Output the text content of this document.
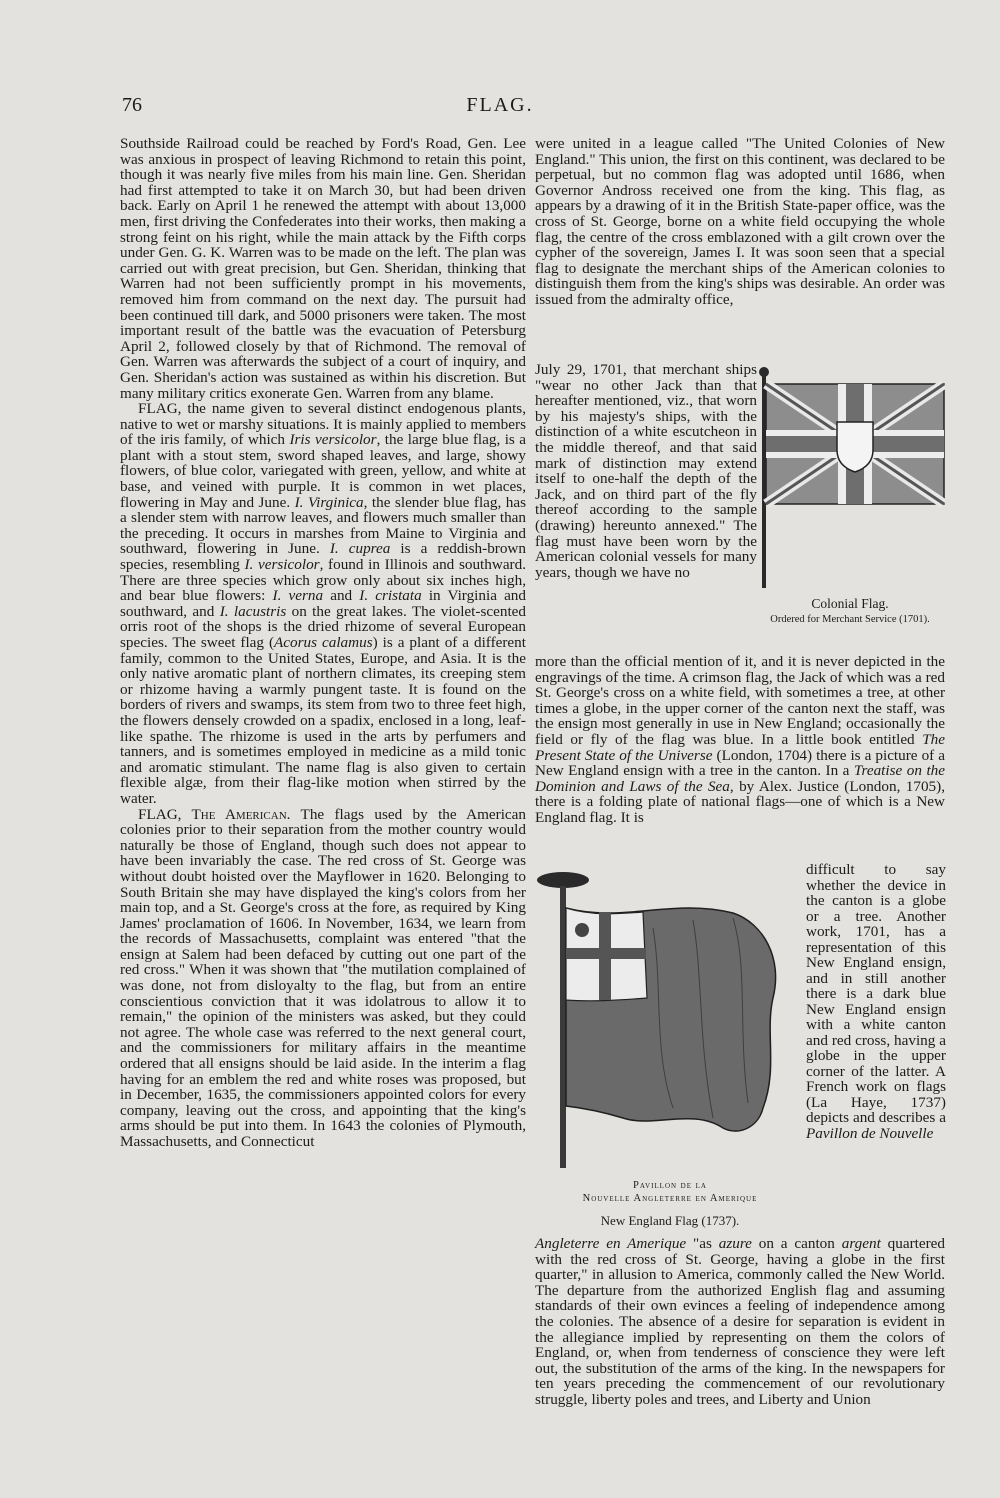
76	FLAG.

Southside Railroad could be reached by Ford's Road, Gen. Lee was anxious in prospect of leaving Richmond to retain this point, though it was nearly five miles from his main line. Gen. Sheridan had first attempted to take it on March 30, but had been driven back. Early on April 1 he renewed the attempt with about 13,000 men, first driving the Confederates into their works, then making a strong feint on his right, while the main attack by the Fifth corps under Gen. G. K. Warren was to be made on the left. The plan was carried out with great precision, but Gen. Sheridan, thinking that Warren had not been sufficiently prompt in his movements, removed him from command on the next day. The pursuit had been continued till dark, and 5000 prisoners were taken. The most important result of the battle was the evacuation of Petersburg April 2, followed closely by that of Richmond. The removal of Gen. Warren was afterwards the subject of a court of inquiry, and Gen. Sheridan's action was sustained as within his discretion. But many military critics exonerate Gen. Warren from any blame.

FLAG, the name given to several distinct endogenous plants, native to wet or marshy situations. It is mainly applied to members of the iris family, of which Iris versicolor, the large blue flag, is a plant with a stout stem, sword shaped leaves, and large, showy flowers, of blue color, variegated with green, yellow, and white at base, and veined with purple. It is common in wet places, flowering in May and June. I. Virginica, the slender blue flag, has a slender stem with narrow leaves, and flowers much smaller than the preceding. It occurs in marshes from Maine to Virginia and southward, flowering in June. I. cuprea is a reddish-brown species, resembling I. versicolor, found in Illinois and southward. There are three species which grow only about six inches high, and bear blue flowers: I. verna and I. cristata in Virginia and southward, and I. lacustris on the great lakes. The violet-scented orris root of the shops is the dried rhizome of several European species. The sweet flag (Acorus calamus) is a plant of a different family, common to the United States, Europe, and Asia. It is the only native aromatic plant of northern climates, its creeping stem or rhizome having a warmly pungent taste. It is found on the borders of rivers and swamps, its stem from two to three feet high, the flowers densely crowded on a spadix, enclosed in a long, leaf-like spathe. The rhizome is used in the arts by perfumers and tanners, and is sometimes employed in medicine as a mild tonic and aromatic stimulant. The name flag is also given to certain flexible algæ, from their flag-like motion when stirred by the water.

FLAG, The American. The flags used by the American colonies prior to their separation from the mother country would naturally be those of England, though such does not appear to have been invariably the case. The red cross of St. George was without doubt hoisted over the Mayflower in 1620. Belonging to South Britain she may have displayed the king's colors from her main top, and a St. George's cross at the fore, as required by King James' proclamation of 1606. In November, 1634, we learn from the records of Massachusetts, complaint was entered "that the ensign at Salem had been defaced by cutting out one part of the red cross." When it was shown that "the mutilation complained of was done, not from disloyalty to the flag, but from an entire conscientious conviction that it was idolatrous to allow it to remain," the opinion of the ministers was asked, but they could not agree. The whole case was referred to the next general court, and the commissioners for military affairs in the meantime ordered that all ensigns should be laid aside. In the interim a flag having for an emblem the red and white roses was proposed, but in December, 1635, the commissioners appointed colors for every company, leaving out the cross, and appointing that the king's arms should be put into them. In 1643 the colonies of Plymouth, Massachusetts, and Connecticut

were united in a league called "The United Colonies of New England." This union, the first on this continent, was declared to be perpetual, but no common flag was adopted until 1686, when Governor Andross received one from the king. This flag, as appears by a drawing of it in the British State-paper office, was the cross of St. George, borne on a white field occupying the whole flag, the centre of the cross emblazoned with a gilt crown over the cypher of the sovereign, James I. It was soon seen that a special flag to designate the merchant ships of the American colonies to distinguish them from the king's ships was desirable. An order was issued from the admiralty office,

July 29, 1701, that merchant ships "wear no other Jack than that hereafter mentioned, viz., that worn by his majesty's ships, with the distinction of a white escutcheon in the middle thereof, and that said mark of distinction may extend itself to one-half the depth of the Jack, and on third part of the fly thereof according to the sample (drawing) hereunto annexed." The flag must have been worn by the American colonial vessels for many years, though we have no

more than the official mention of it, and it is never depicted in the engravings of the time. A crimson flag, the Jack of which was a red St. George's cross on a white field, with sometimes a tree, at other times a globe, in the upper corner of the canton next the staff, was the ensign most generally in use in New England; occasionally the field or fly of the flag was blue. In a little book entitled The Present State of the Universe (London, 1704) there is a picture of a New England ensign with a tree in the canton. In a Treatise on the Dominion and Laws of the Sea, by Alex. Justice (London, 1705), there is a folding plate of national flags—one of which is a New England flag. It is

difficult to say whether the device in the canton is a globe or a tree. Another work, 1701, has a representation of this New England ensign, and in still another there is a dark blue New England ensign with a white canton and red cross, having a globe in the upper corner of the latter. A French work on flags (La Haye, 1737) depicts and describes a Pavillon de Nouvelle

Angleterre en Amerique "as azure on a canton argent quartered with the red cross of St. George, having a globe in the first quarter," in allusion to America, commonly called the New World. The departure from the authorized English flag and assuming standards of their own evinces a feeling of independence among the colonies. The absence of a desire for separation is evident in the allegiance implied by representing on them the colors of England, or, when from tenderness of conscience they were left out, the substitution of the arms of the king. In the newspapers for ten years preceding the commencement of our revolutionary struggle, liberty poles and trees, and Liberty and Union

Colonial Flag.
Ordered for Merchant Service (1701).
Pavillon de la
Nouvelle Angleterre en Amerique
New England Flag (1737).
